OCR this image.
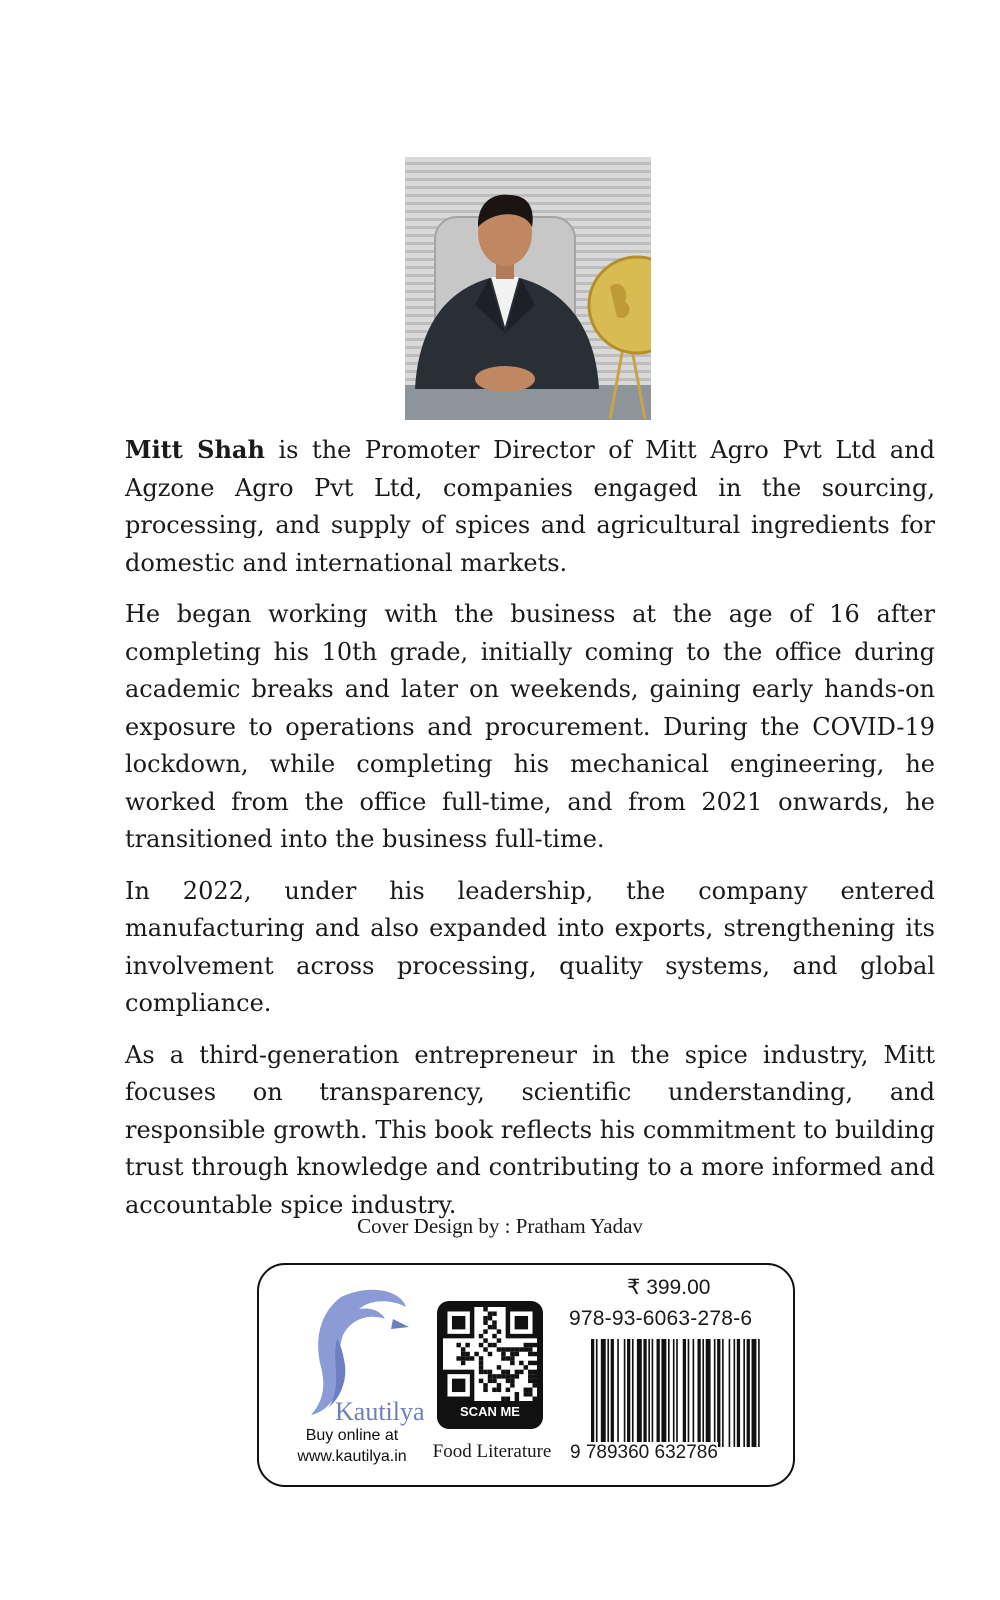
Mitt Shah is the Promoter Director of Mitt Agro Pvt Ltd and Agzone Agro Pvt Ltd, companies engaged in the sourcing, processing, and supply of spices and agricultural ingredients for domestic and international markets.

He began working with the business at the age of 16 after completing his 10th grade, initially coming to the office during academic breaks and later on weekends, gaining early hands-on exposure to operations and procurement. During the COVID-19 lockdown, while completing his mechanical engineering, he worked from the office full-time, and from 2021 onwards, he transitioned into the business full-time.

In 2022, under his leadership, the company entered manufacturing and also expanded into exports, strengthening its involvement across processing, quality systems, and global compliance.

As a third-generation entrepreneur in the spice industry, Mitt focuses on transparency, scientific understanding, and responsible growth. This book reflects his commitment to building trust through knowledge and contributing to a more informed and accountable spice industry.

Cover Design by : Pratham Yadav
Kautilya
Buy online at
www.kautilya.in
SCAN ME
Food Literature
₹ 399.00
978-93-6063-278-6
9 789360 632786
